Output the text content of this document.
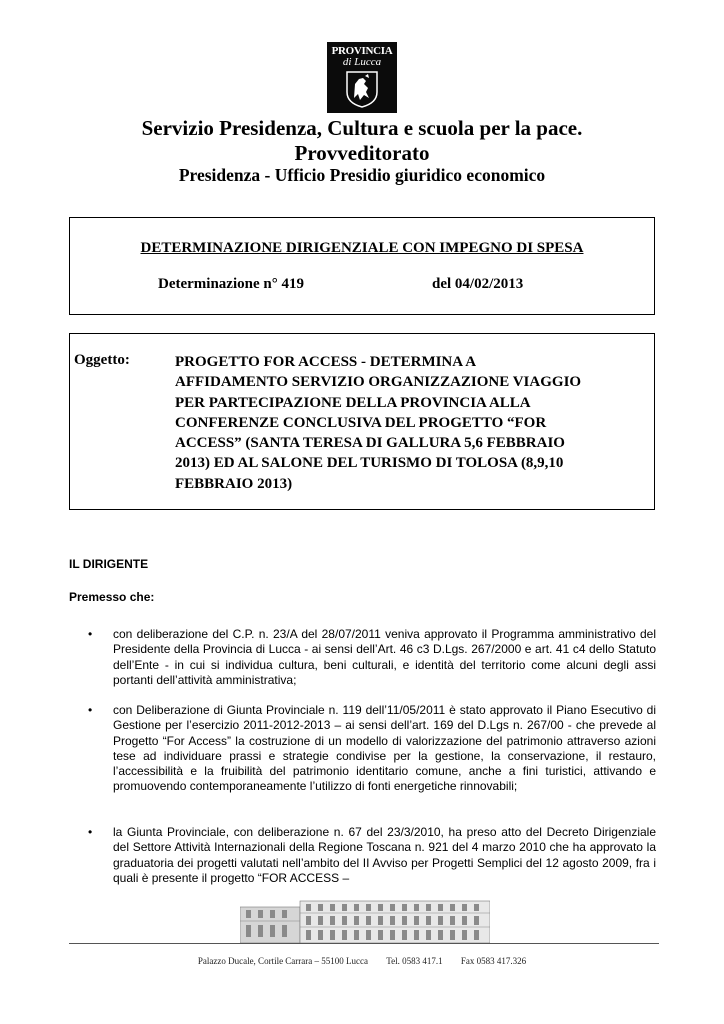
PROVINCIA
di Lucca
Servizio Presidenza, Cultura e scuola per la pace.
Provveditorato
Presidenza - Ufficio Presidio giuridico economico
DETERMINAZIONE DIRIGENZIALE CON IMPEGNO DI SPESA
Determinazione n° 419	del 04/02/2013
Oggetto:	PROGETTO FOR ACCESS - DETERMINA A
AFFIDAMENTO SERVIZIO ORGANIZZAZIONE VIAGGIO
PER PARTECIPAZIONE DELLA PROVINCIA ALLA
CONFERENZE CONCLUSIVA DEL PROGETTO “FOR
ACCESS” (SANTA TERESA DI GALLURA 5,6 FEBBRAIO
2013) ED AL SALONE DEL TURISMO DI TOLOSA (8,9,10
FEBBRAIO 2013)

IL DIRIGENTE
Premesso che:
• con deliberazione del C.P. n. 23/A del 28/07/2011 veniva approvato il Programma amministrativo del Presidente della Provincia di Lucca - ai sensi dell’Art. 46 c3 D.Lgs. 267/2000 e art. 41 c4 dello Statuto dell’Ente - in cui si individua cultura, beni culturali, e identità del territorio come alcuni degli assi portanti dell’attività amministrativa;

• con Deliberazione di Giunta Provinciale n. 119 dell’11/05/2011 è stato approvato il Piano Esecutivo di Gestione per l’esercizio 2011-2012-2013 – ai sensi dell’art. 169 del D.Lgs n. 267/00 - che prevede al Progetto “For Access” la costruzione di un modello di valorizzazione del patrimonio attraverso azioni tese ad individuare prassi e strategie condivise per la gestione, la conservazione, il restauro, l’accessibilità e la fruibilità del patrimonio identitario comune, anche a fini turistici, attivando e promuovendo contemporaneamente l’utilizzo di fonti energetiche rinnovabili;

• la Giunta Provinciale, con deliberazione n. 67 del 23/3/2010, ha preso atto del Decreto Dirigenziale del Settore Attività Internazionali della Regione Toscana n. 921 del 4 marzo 2010 che ha approvato la graduatoria dei progetti valutati nell’ambito del II Avviso per Progetti Semplici del 12 agosto 2009, fra i quali è presente il progetto “FOR ACCESS –

Palazzo Ducale, Cortile Carrara – 55100 Lucca Tel. 0583 417.1 Fax 0583 417.326
